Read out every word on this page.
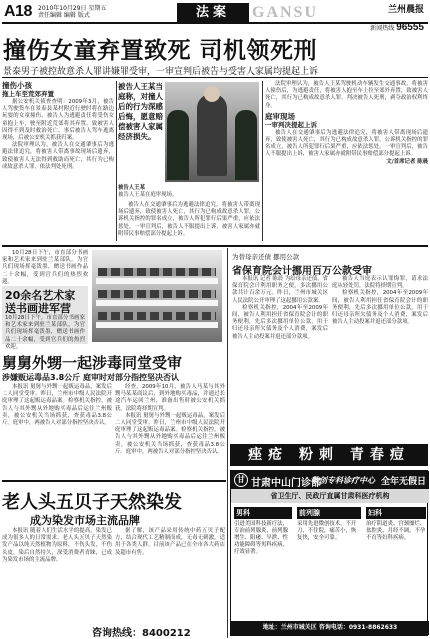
A18 2010年10月29日 星期五
责任编辑 编辑 版式	法案	GANSU	兰州晨报
新闻热线 96555
撞伤女童弃置致死 司机领死刑
景泰男子被控故意杀人罪讲嫌罪受审，一审宣判后被告与受害人家属均提起上诉
撞伤小孩
拖上车至荒郊弃置

据公安机关侦查查明：2009年3月，被告人驾驶货车在景泰县某村附近行驶时将在路边玩耍的女童撞伤，被告人为逃避责任将受伤女童抱上车，驶至附近荒郊将其弃置，致被害人因得不到及时救治死亡。事后被告人驾车逃离现场，后被公安机关抓获归案。

法院审理认为，被告人在交通肇事后为逃避法律追究，将被害人带离事故现场后遗弃，致使被害人无法得到救助而死亡，其行为已构成故意杀人罪，依法判处死刑。

被告人王某当庭称，对撞人后的行为深感后悔，愿意赔偿被害人家属经济损失。
被告人王某
被告人王某在庭审现场。

被告人在交通肇事后为逃避法律追究，将被害人带离现场后遗弃，致使被害人死亡，其行为已构成故意杀人罪。公诉机关指控的罪名成立，被告人所犯罪行后果严重，应依法惩处。一审宣判后，被告人不服提出上诉，被害人家属亦就附带民事赔偿部分提起上诉。

法院审理认为，被告人王某驾驶机动车辆发生交通事故，将被害人撞伤后，为逃避责任，将被害人抱至车上拉至郊外弃置，致被害人死亡，其行为已构成故意杀人罪。判决被告人死刑，剥夺政治权利终身。

庭审现场
一审判决提起上诉

被告人在交通肇事后为逃避法律追究，将被害人带离现场后遗弃，致使被害人死亡，其行为已构成故意杀人罪。公诉机关指控的罪名成立，被告人所犯罪行后果严重，应依法惩处。一审宣判后，被告人不服提出上诉，被害人家属亦就附带民事赔偿部分提起上诉。

文/首席记者 陈晨

10月28日下午，市直部分书画家和艺术家来到驻兰某部队，为官兵们现场挥毫泼墨，赠送书画作品二十余幅，受到官兵们的热烈欢迎。

20余名艺术家送书画进军营
10月28日下午，市直部分书画家和艺术家来到驻兰某部队，为官兵们现场挥毫泼墨，赠送书画作品二十余幅，受到官兵们的热烈欢迎。
舅舅外甥一起涉毒同堂受审
涉嫌贩运毒品3.8公斤 庭审时对部分指控坚决否认

本报讯 舅舅与外甥一起贩运毒品，案发后二人同堂受审。昨日，兰州市中级人民法院开庭审理了这起贩运毒品案。检察机关指控，被告人与其外甥从外地购买毒品后运往兰州贩卖，被公安机关当场抓获，查获毒品3.8公斤。庭审中，两被告人对部分指控坚决否认。

经查，2009年10月，被告人马某与其外甥马某某商议后，到外地购买毒品，并通过长途汽车运回兰州，准备出售时被公安机关抓获。法院将择期宣判。

本报讯 舅舅与外甥一起贩运毒品，案发后二人同堂受审。昨日，兰州市中级人民法院开庭审理了这起贩运毒品案。检察机关指控，被告人与其外甥从外地购买毒品后运往兰州贩卖，被公安机关当场抓获，查获毒品3.8公斤。庭审中，两被告人对部分指控坚决否认。

老人头五贝子天然染发
成为染发市场主流品牌

本报讯 随着人们生活水平的提高，染发已成为很多人的日常需求。老人头五贝子天然染发产品以纯天然植物为原料，不伤头发，不伤头皮，染后自然持久，深受消费者青睐，已成为染发市场的主流品牌。

据了解，该产品采用传统中药五贝子配方，结合现代工艺精制而成，无毒无刺激，适用于各类人群。目前该产品已在全市各大药店及超市有售。

咨询热线：8400212
为替母亲还债 挪用公款
省保育院会计挪用百万公款受审

本报讯 记者 陈晨 为给母亲还债，省保育院会计利用职务之便，多次挪用公款共计百余万元。昨日，兰州市城关区人民法院公开审理了这起挪用公款案。

检察机关指控，2004年至2009年间，被告人利用担任省保育院会计的职务便利，先后多次挪用单位公款，用于归还母亲所欠债务及个人消费，案发后被告人主动投案并退还部分款项。

被告人当庭表示认罪悔罪，请求法庭从轻处罚。法院将择期宣判。

检察机关指控，2004年至2009年间，被告人利用担任省保育院会计的职务便利，先后多次挪用单位公款，用于归还母亲所欠债务及个人消费，案发后被告人主动投案并退还部分款项。

痤疮 粉刺 青春痘
甘 甘肃中山门诊部
敬创专科诊疗中心 全年无假日
省卫生厅、民政厅直属甘肃科医疗机构
男科
引进美国科技新疗法，专治前列腺炎、前列腺增生、阳痿、早泄、性功能障碍等男科疾病，疗效显著。
前列腺
采用先进微创技术，不开刀，不住院，痛苦小，恢复快，安全可靠。
妇科
治疗阴道炎、宫颈糜烂、盆腔炎、月经不调、不孕不育等妇科疾病。
地址：兰州市城关区 咨询电话：0931-8862633
